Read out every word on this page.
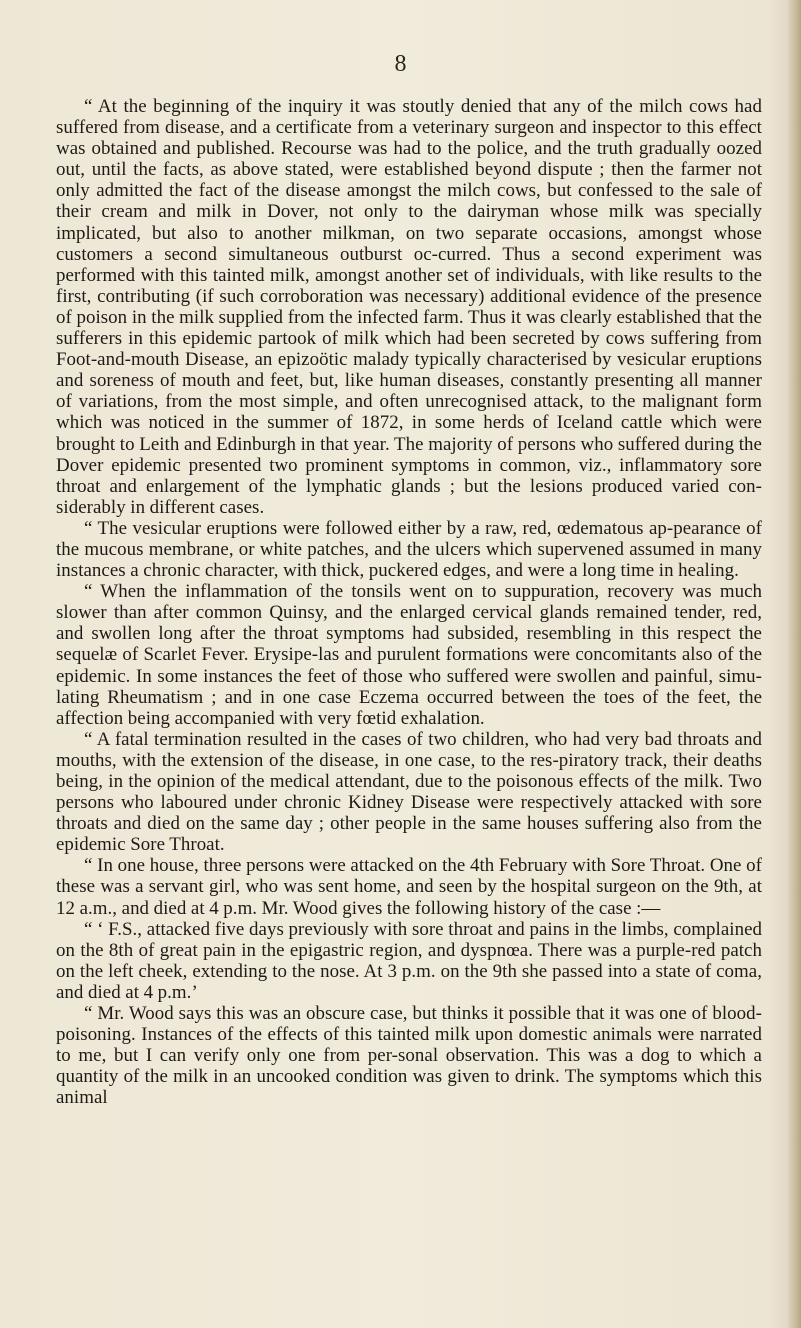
8

“ At the beginning of the inquiry it was stoutly denied that any of the milch cows had suffered from disease, and a certificate from a veterinary surgeon and inspector to this effect was obtained and published. Recourse was had to the police, and the truth gradually oozed out, until the facts, as above stated, were established beyond dispute ; then the farmer not only admitted the fact of the disease amongst the milch cows, but confessed to the sale of their cream and milk in Dover, not only to the dairyman whose milk was specially implicated, but also to another milkman, on two separate occasions, amongst whose customers a second simultaneous outburst oc-curred. Thus a second experiment was performed with this tainted milk, amongst another set of individuals, with like results to the first, contributing (if such corroboration was necessary) additional evidence of the presence of poison in the milk supplied from the infected farm. Thus it was clearly established that the sufferers in this epidemic partook of milk which had been secreted by cows suffering from Foot-and-mouth Disease, an epizoötic malady typically characterised by vesicular eruptions and soreness of mouth and feet, but, like human diseases, constantly presenting all manner of variations, from the most simple, and often unrecognised attack, to the malignant form which was noticed in the summer of 1872, in some herds of Iceland cattle which were brought to Leith and Edinburgh in that year. The majority of persons who suffered during the Dover epidemic presented two prominent symptoms in common, viz., inflammatory sore throat and enlargement of the lymphatic glands ; but the lesions produced varied con-siderably in different cases.

“ The vesicular eruptions were followed either by a raw, red, œdematous ap-pearance of the mucous membrane, or white patches, and the ulcers which supervened assumed in many instances a chronic character, with thick, puckered edges, and were a long time in healing.

“ When the inflammation of the tonsils went on to suppuration, recovery was much slower than after common Quinsy, and the enlarged cervical glands remained tender, red, and swollen long after the throat symptoms had subsided, resembling in this respect the sequelæ of Scarlet Fever. Erysipe-las and purulent formations were concomitants also of the epidemic. In some instances the feet of those who suffered were swollen and painful, simu-lating Rheumatism ; and in one case Eczema occurred between the toes of the feet, the affection being accompanied with very fœtid exhalation.

“ A fatal termination resulted in the cases of two children, who had very bad throats and mouths, with the extension of the disease, in one case, to the res-piratory track, their deaths being, in the opinion of the medical attendant, due to the poisonous effects of the milk. Two persons who laboured under chronic Kidney Disease were respectively attacked with sore throats and died on the same day ; other people in the same houses suffering also from the epidemic Sore Throat.

“ In one house, three persons were attacked on the 4th February with Sore Throat. One of these was a servant girl, who was sent home, and seen by the hospital surgeon on the 9th, at 12 a.m., and died at 4 p.m. Mr. Wood gives the following history of the case :—

“ ‘ F.S., attacked five days previously with sore throat and pains in the limbs, complained on the 8th of great pain in the epigastric region, and dyspnœa. There was a purple-red patch on the left cheek, extending to the nose. At 3 p.m. on the 9th she passed into a state of coma, and died at 4 p.m.’

“ Mr. Wood says this was an obscure case, but thinks it possible that it was one of blood-poisoning. Instances of the effects of this tainted milk upon domestic animals were narrated to me, but I can verify only one from per-sonal observation. This was a dog to which a quantity of the milk in an uncooked condition was given to drink. The symptoms which this animal
